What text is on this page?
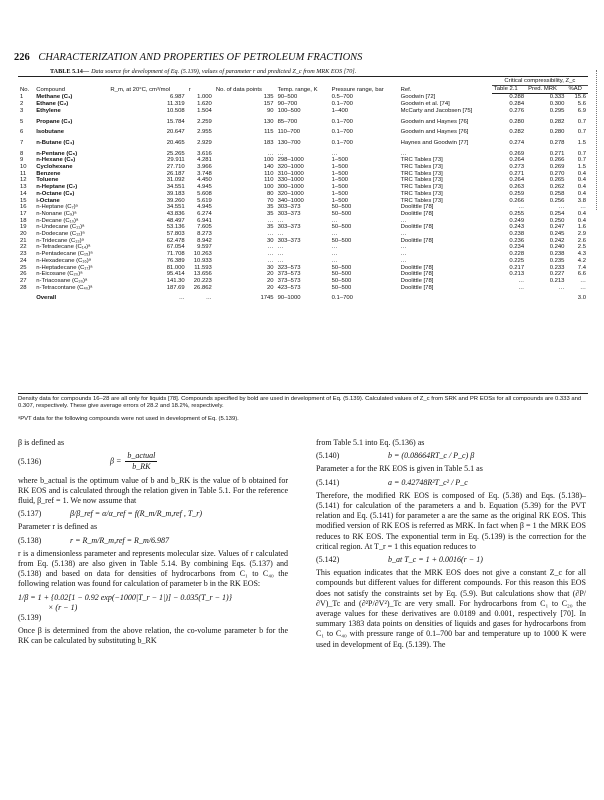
226 CHARACTERIZATION AND PROPERTIES OF PETROLEUM FRACTIONS
TABLE 5.14— Data source for development of Eq. (5.139), values of parameter r and predicted Z_c from MRK EOS [70].
No.	Compound	R_m, at 20°C, cm³/mol	r	No. of data points	Temp. range, K	Pressure range, bar	Ref.	Critical compressibility, Z_c		
								Table 2.1	Pred. MRK	%AD
1	Methane (C₁)	6.987	1.000	135	90–500	0.5–700	Goodwin [72]	0.288	0.333	15.6
2	Ethane (C₂)	11.319	1.620	157	90–700	0.1–700	Goodwin et al. [74]	0.284	0.300	5.6
3	Ethylene	10.508	1.504	90	100–500	1–400	McCarty and Jacobsen [75]	0.276	0.295	6.9
5	Propane (C₃)	15.784	2.259	130	85–700	0.1–700	Goodwin and Haynes [76]	0.280	0.282	0.7
6	Isobutane	20.647	2.955	115	110–700	0.1–700	Goodwin and Haynes [76]	0.282	0.280	0.7
7	n-Butane (C₄)	20.465	2.929	183	130–700	0.1–700	Haynes and Goodwin [77]	0.274	0.278	1.5
8	n-Pentane (C₅)	25.265	3.616	…	…	…	…	0.269	0.271	0.7
9	n-Hexane (C₆)	29.911	4.281	100	298–1000	1–500	TRC Tables [73]	0.264	0.266	0.7
10	Cyclohexane	27.710	3.966	140	320–1000	1–500	TRC Tables [73]	0.273	0.269	1.5
11	Benzene	26.187	3.748	110	310–1000	1–500	TRC Tables [73]	0.271	0.270	0.4
12	Toluene	31.092	4.450	110	330–1000	1–500	TRC Tables [73]	0.264	0.265	0.4
13	n-Heptane (C₇)	34.551	4.945	100	300–1000	1–500	TRC Tables [73]	0.263	0.262	0.4
14	n-Octane (C₈)	39.183	5.608	80	320–1000	1–500	TRC Tables [73]	0.259	0.258	0.4
15	i-Octane	39.260	5.619	70	340–1000	1–500	TRC Tables [73]	0.266	0.256	3.8
16	n-Heptane (C₇)ᵃ	34.551	4.945	35	303–373	50–500	Doolittle [78]	…	…	…
17	n-Nonane (C₉)ᵃ	43.836	6.274	35	303–373	50–500	Doolittle [78]	0.255	0.254	0.4
18	n-Decane (C₁₀)ᵃ	48.497	6.941	…	…	…	…	0.249	0.250	0.4
19	n-Undecane (C₁₁)ᵃ	53.136	7.605	35	303–373	50–500	Doolittle [78]	0.243	0.247	1.6
20	n-Dodecane (C₁₂)ᵃ	57.803	8.273	…	…	…	…	0.238	0.245	2.9
21	n-Tridecane (C₁₃)ᵃ	62.478	8.942	30	303–373	50–500	Doolittle [78]	0.236	0.242	2.6
22	n-Tetradecane (C₁₄)ᵃ	67.054	9.597	…	…	…	…	0.234	0.240	2.5
23	n-Pentadecane (C₁₅)ᵃ	71.708	10.263	…	…	…	…	0.228	0.238	4.3
24	n-Hexadecane (C₁₆)ᵃ	76.389	10.933	…	…	…	…	0.225	0.235	4.2
25	n-Heptadecane (C₁₇)ᵃ	81.000	11.593	30	323–573	50–500	Doolittle [78]	0.217	0.233	7.4
26	n-Eicosane (C₂₀)ᵃ	95.414	13.656	20	373–573	50–500	Doolittle [78]	0.213	0.227	6.6
27	n-Triacosane (C₃₀)ᵃ	141.30	20.223	20	373–573	50–500	Doolittle [78]	…	0.213	…
28	n-Tetracontane (C₄₀)ᵃ	187.69	26.862	20	423–573	50–500	Doolittle [78]	…	…	…
	Overall	…	…	1745	90–1000	0.1–700				3.0
Density data for compounds 16–28 are all only for liquids [78]. Compounds specified by bold are used in development of Eq. (5.139). Calculated values of Z_c from SRK and PR EOSs for all compounds are 0.333 and 0.307, respectively. These give average errors of 28.2 and 18.2%, respectively.
ᵃPVT data for the following compounds were not used in development of Eq. (5.139).

β is defined as

(5.136)	$\beta = \frac{\text{b\_actual}}{b\_RK}$

where b_actual is the optimum value of b and b_RK is the value of b obtained for RK EOS and is calculated through the relation given in Table 5.1. For the reference fluid, β_ref = 1. We now assume that

(5.137)	β/β_ref = α/α_ref = f(R_m/R_m,ref , T_r)

Parameter r is defined as

(5.138)	r = R_m/R_m,ref = R_m/6.987

r is a dimensionless parameter and represents molecular size. Values of r calculated from Eq. (5.138) are also given in Table 5.14. By combining Eqs. (5.137) and (5.138) and based on data for densities of hydrocarbons from C₁ to C₄₀ the following relation was found for calculation of parameter b in the RK EOS:

1/β = 1 + {0.02[1 − 0.92 exp(−1000|T_r − 1|)] − 0.035(T_r − 1)}
× (r − 1)
(5.139)

Once β is determined from the above relation, the co-volume parameter b for the RK can be calculated by substituting b_RK

from Table 5.1 into Eq. (5.136) as

(5.140)	b = (0.08664RT_c / P_c) β

Parameter a for the RK EOS is given in Table 5.1 as

(5.141)	a = 0.42748R²T_c² / P_c

Therefore, the modified RK EOS is composed of Eq. (5.38) and Eqs. (5.138)–(5.141) for calculation of the parameters a and b. Equation (5.39) for the PVT relation and Eq. (5.141) for parameter a are the same as the original RK EOS. This modified version of RK EOS is referred as MRK. In fact when β = 1 the MRK EOS reduces to RK EOS. The exponential term in Eq. (5.139) is the correction for the critical region. At T_r = 1 this equation reduces to

(5.142)	b_at T_c = 1 + 0.0016(r − 1)

This equation indicates that the MRK EOS does not give a constant Z_c for all compounds but different values for different compounds. For this reason this EOS does not satisfy the constraints set by Eq. (5.9). But calculations show that (∂P/∂V)_Tc and (∂²P/∂V²)_Tc are very small. For hydrocarbons from C₁ to C₂₀ the average values for these derivatives are 0.0189 and 0.001, respectively [70]. In summary 1383 data points on densities of liquids and gases for hydrocarbons from C₁ to C₄₀ with pressure range of 0.1–700 bar and temperature up to 1000 K were used in development of Eq. (5.139). The
